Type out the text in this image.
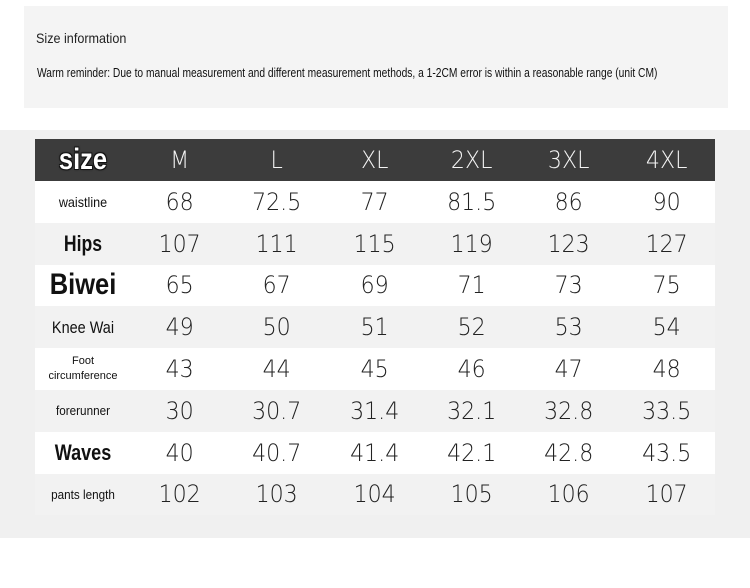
Size information
Warm reminder: Due to manual measurement and different measurement methods, a 1-2CM error is within a reasonable range (unit CM)
size	M	L	XL	2XL	3XL	4XL
waistline	68	72.5	77	81.5	86	90
Hips	107	111	115	119	123	127
Biwei	65	67	69	71	73	75
Knee Wai	49	50	51	52	53	54
Foot
circumference	43	44	45	46	47	48
forerunner	30	30.7	31.4	32.1	32.8	33.5
Waves	40	40.7	41.4	42.1	42.8	43.5
pants length	102	103	104	105	106	107
